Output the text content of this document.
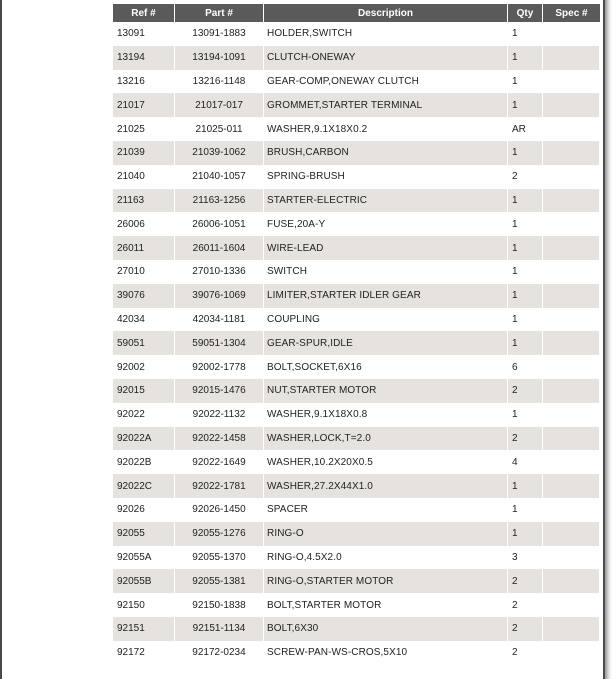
	Ref #	Part #	Description	Qty	Spec #
	13091	13091-1883	HOLDER,SWITCH	1	
	13194	13194-1091	CLUTCH-ONEWAY	1	
	13216	13216-1148	GEAR-COMP,ONEWAY CLUTCH	1	
	21017	21017-017	GROMMET,STARTER TERMINAL	1	
	21025	21025-011	WASHER,9.1X18X0.2	AR	
	21039	21039-1062	BRUSH,CARBON	1	
	21040	21040-1057	SPRING-BRUSH	2	
	21163	21163-1256	STARTER-ELECTRIC	1	
	26006	26006-1051	FUSE,20A-Y	1	
	26011	26011-1604	WIRE-LEAD	1	
	27010	27010-1336	SWITCH	1	
	39076	39076-1069	LIMITER,STARTER IDLER GEAR	1	
	42034	42034-1181	COUPLING	1	
	59051	59051-1304	GEAR-SPUR,IDLE	1	
	92002	92002-1778	BOLT,SOCKET,6X16	6	
	92015	92015-1476	NUT,STARTER MOTOR	2	
	92022	92022-1132	WASHER,9.1X18X0.8	1	
	92022A	92022-1458	WASHER,LOCK,T=2.0	2	
	92022B	92022-1649	WASHER,10.2X20X0.5	4	
	92022C	92022-1781	WASHER,27.2X44X1.0	1	
	92026	92026-1450	SPACER	1	
	92055	92055-1276	RING-O	1	
	92055A	92055-1370	RING-O,4.5X2.0	3	
	92055B	92055-1381	RING-O,STARTER MOTOR	2	
	92150	92150-1838	BOLT,STARTER MOTOR	2	
	92151	92151-1134	BOLT,6X30	2	
	92172	92172-0234	SCREW-PAN-WS-CROS,5X10	2	
